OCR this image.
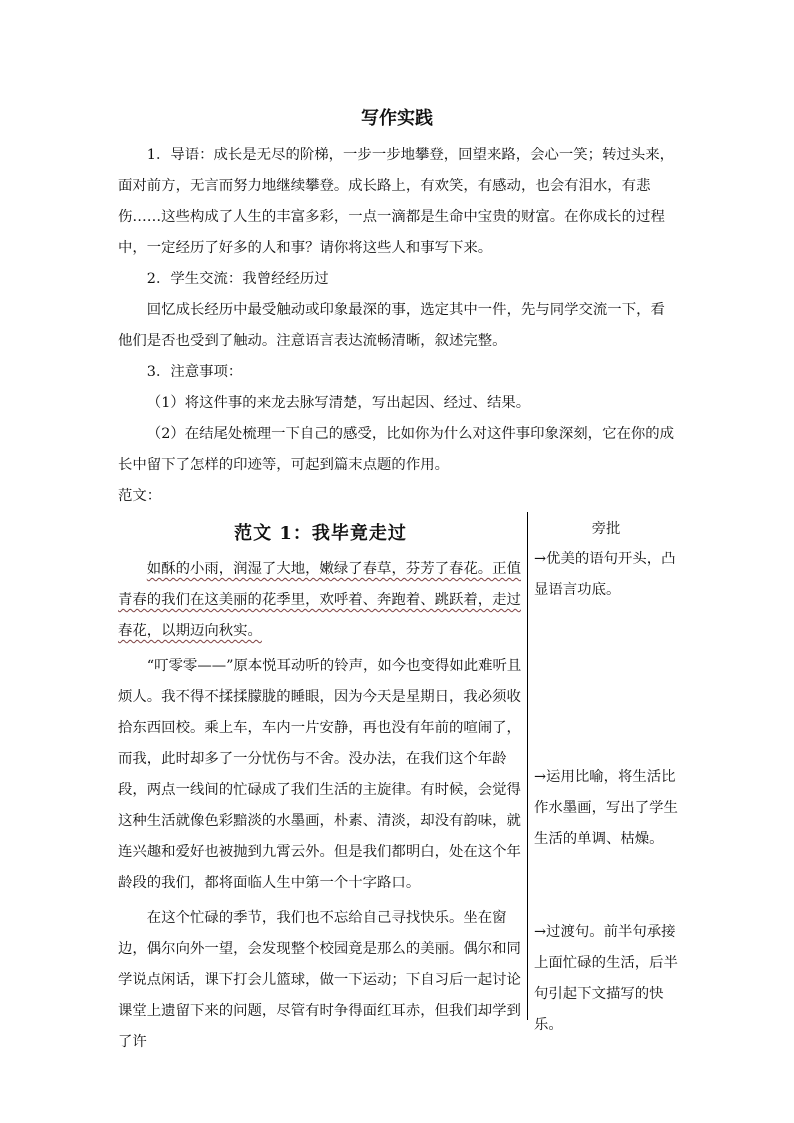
写作实践

1．导语：成长是无尽的阶梯，一步一步地攀登，回望来路，会心一笑；转过头来，面对前方，无言而努力地继续攀登。成长路上，有欢笑，有感动，也会有泪水，有悲伤……这些构成了人生的丰富多彩，一点一滴都是生命中宝贵的财富。在你成长的过程中，一定经历了好多的人和事？请你将这些人和事写下来。

2．学生交流：我曾经经历过

回忆成长经历中最受触动或印象最深的事，选定其中一件，先与同学交流一下，看他们是否也受到了触动。注意语言表达流畅清晰，叙述完整。

3．注意事项：

（1）将这件事的来龙去脉写清楚，写出起因、经过、结果。

（2）在结尾处梳理一下自己的感受，比如你为什么对这件事印象深刻，它在你的成长中留下了怎样的印迹等，可起到篇末点题的作用。

范文：

范文 1：我毕竟走过

如酥的小雨，润湿了大地，嫩绿了春草，芬芳了春花。正值青春的我们在这美丽的花季里，欢呼着、奔跑着、跳跃着，走过春花，以期迈向秋实。

“叮零零——”原本悦耳动听的铃声，如今也变得如此难听且烦人。我不得不揉揉朦胧的睡眼，因为今天是星期日，我必须收拾东西回校。乘上车，车内一片安静，再也没有年前的喧闹了，而我，此时却多了一分忧伤与不舍。没办法，在我们这个年龄段，两点一线间的忙碌成了我们生活的主旋律。有时候，会觉得这种生活就像色彩黯淡的水墨画，朴素、清淡，却没有韵味，就连兴趣和爱好也被抛到九霄云外。但是我们都明白，处在这个年龄段的我们，都将面临人生中第一个十字路口。

在这个忙碌的季节，我们也不忘给自己寻找快乐。坐在窗边，偶尔向外一望，会发现整个校园竟是那么的美丽。偶尔和同学说点闲话，课下打会儿篮球，做一下运动；下自习后一起讨论课堂上遗留下来的问题，尽管有时争得面红耳赤，但我们却学到了许

旁批
→优美的语句开头，凸显语言功底。
→运用比喻，将生活比作水墨画，写出了学生生活的单调、枯燥。
→过渡句。前半句承接上面忙碌的生活，后半句引起下文描写的快乐。
